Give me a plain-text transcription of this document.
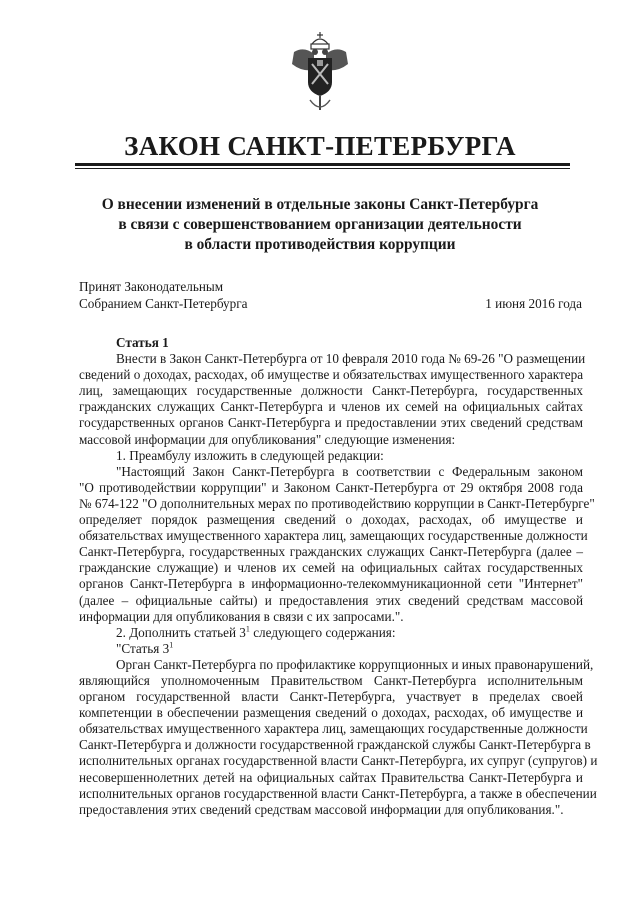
ЗАКОН САНКТ-ПЕТЕРБУРГА
О внесении изменений в отдельные законы Санкт-Петербурга
в связи с совершенствованием организации деятельности
в области противодействия коррупции
Принят Законодательным
Собранием Санкт-Петербурга	1 июня 2016 года
Статья 1
Внести в Закон Санкт-Петербурга от 10 февраля 2010 года № 69-26 "О размещении
сведений о доходах, расходах, об имуществе и обязательствах имущественного характера
лиц, замещающих государственные должности Санкт-Петербурга, государственных
гражданских служащих Санкт-Петербурга и членов их семей на официальных сайтах
государственных органов Санкт-Петербурга и предоставлении этих сведений средствам
массовой информации для опубликования" следующие изменения:
1. Преамбулу изложить в следующей редакции:
"Настоящий Закон Санкт-Петербурга в соответствии с Федеральным законом
"О противодействии коррупции" и Законом Санкт-Петербурга от 29 октября 2008 года
№ 674-122 "О дополнительных мерах по противодействию коррупции в Санкт-Петербурге"
определяет порядок размещения сведений о доходах, расходах, об имуществе и
обязательствах имущественного характера лиц, замещающих государственные должности
Санкт-Петербурга, государственных гражданских служащих Санкт-Петербурга (далее –
гражданские служащие) и членов их семей на официальных сайтах государственных
органов Санкт-Петербурга в информационно-телекоммуникационной сети "Интернет"
(далее – официальные сайты) и предоставления этих сведений средствам массовой
информации для опубликования в связи с их запросами.".
2. Дополнить статьей $3^1$ следующего содержания:
"Статья $3^1$
Орган Санкт-Петербурга по профилактике коррупционных и иных правонарушений,
являющийся уполномоченным Правительством Санкт-Петербурга исполнительным
органом государственной власти Санкт-Петербурга, участвует в пределах своей
компетенции в обеспечении размещения сведений о доходах, расходах, об имуществе и
обязательствах имущественного характера лиц, замещающих государственные должности
Санкт-Петербурга и должности государственной гражданской службы Санкт-Петербурга в
исполнительных органах государственной власти Санкт-Петербурга, их супруг (супругов) и
несовершеннолетних детей на официальных сайтах Правительства Санкт-Петербурга и
исполнительных органов государственной власти Санкт-Петербурга, а также в обеспечении
предоставления этих сведений средствам массовой информации для опубликования.".
